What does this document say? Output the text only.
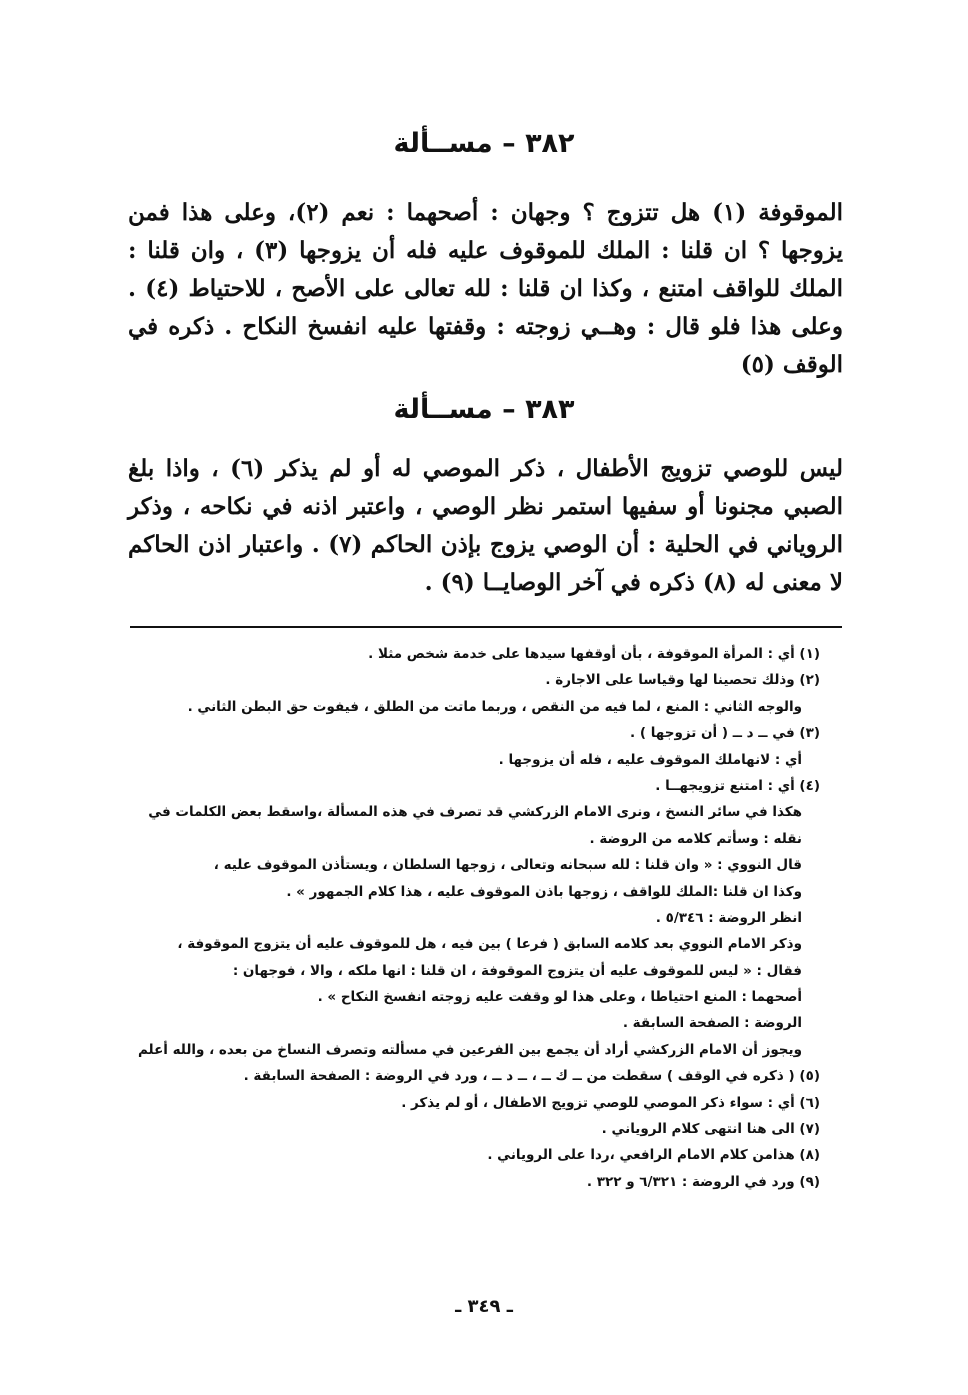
٣٨٢ – مســألة

الموقوفة (١) هل تتزوج ؟ وجهان : أصحهما : نعم (٢)، وعلى هذا فمن يزوجها ؟ ان قلنا : الملك للموقوف عليه فله أن يزوجها (٣) ، وان قلنا : الملك للواقف امتنع ، وكذا ان قلنا : لله تعالى على الأصح ، للاحتياط (٤) . وعلى هذا فلو قال : وهــي زوجته : وقفتها عليه انفسخ النكاح . ذكره في الوقف (٥)

٣٨٣ – مســألة

ليس للوصي تزويج الأطفال ، ذكر الموصي له أو لم يذكر (٦) ، واذا بلغ الصبي مجنونا أو سفيها استمر نظر الوصي ، واعتبر اذنه في نكاحه ، وذكر الروياني في الحلية : أن الوصي يزوج بإذن الحاكم (٧) . واعتبار اذن الحاكم لا معنى له (٨) ذكره في آخر الوصايــا (٩) .

(١) أي : المرأة الموقوفة ، بأن أوقفها سيدها على خدمة شخص مثلا .
(٢) وذلك تحصينا لها وقياسا على الاجارة .
والوجه الثاني : المنع ، لما فيه من النقص ، وربما ماتت من الطلق ، فيفوت حق البطن الثاني .
(٣) في ــ د ــ ( أن تزوجها ) .
أي : لانهاملك الموقوف عليه ، فله أن يزوجها .
(٤) أي : امتنع تزويجهــا .
هكذا في سائر النسخ ، ونرى الامام الزركشي قد تصرف في هذه المسألة ،واسقط بعض الكلمات في
نقله : وسأتم كلامه من الروضة .
قال النووي : « وان قلنا : لله سبحانه وتعالى ، زوجها السلطان ، ويستأذن الموقوف عليه ،
وكذا ان قلنا :الملك للواقف ، زوجها باذن الموقوف عليه ، هذا كلام الجمهور » .
انظر الروضة : ٥/٣٤٦ .
وذكر الامام النووي بعد كلامه السابق ( فرعا ) بين فيه ، هل للموقوف عليه أن يتزوج الموقوفة ،
فقال : « ليس للموقوف عليه أن يتزوج الموقوفة ، ان قلنا : انها ملكه ، والا ، فوجهان :
أصحهما : المنع احتياطا ، وعلى هذا لو وقفت عليه زوجته انفسخ النكاح » .
الروضة : الصفحة السابقة .
ويجوز أن الامام الزركشي أراد أن يجمع بين الفرعين في مسألته وتصرف النساخ من بعده ، والله أعلم
(٥) ( ذكره في الوقف ) سقطت من ــ ك ــ ، ــ د ــ ، ورد في الروضة : الصفحة السابقة .
(٦) أي : سواء ذكر الموصي للوصي تزويج الاطفال ، أو لم يذكر .
(٧) الى هنا انتهى كلام الروياني .
(٨) هذامن كلام الامام الرافعي ،ردا على الروياني .
(٩) ورد في الروضة : ٦/٣٢١ و ٣٢٢ .
ـ ٣٤٩ ـ
